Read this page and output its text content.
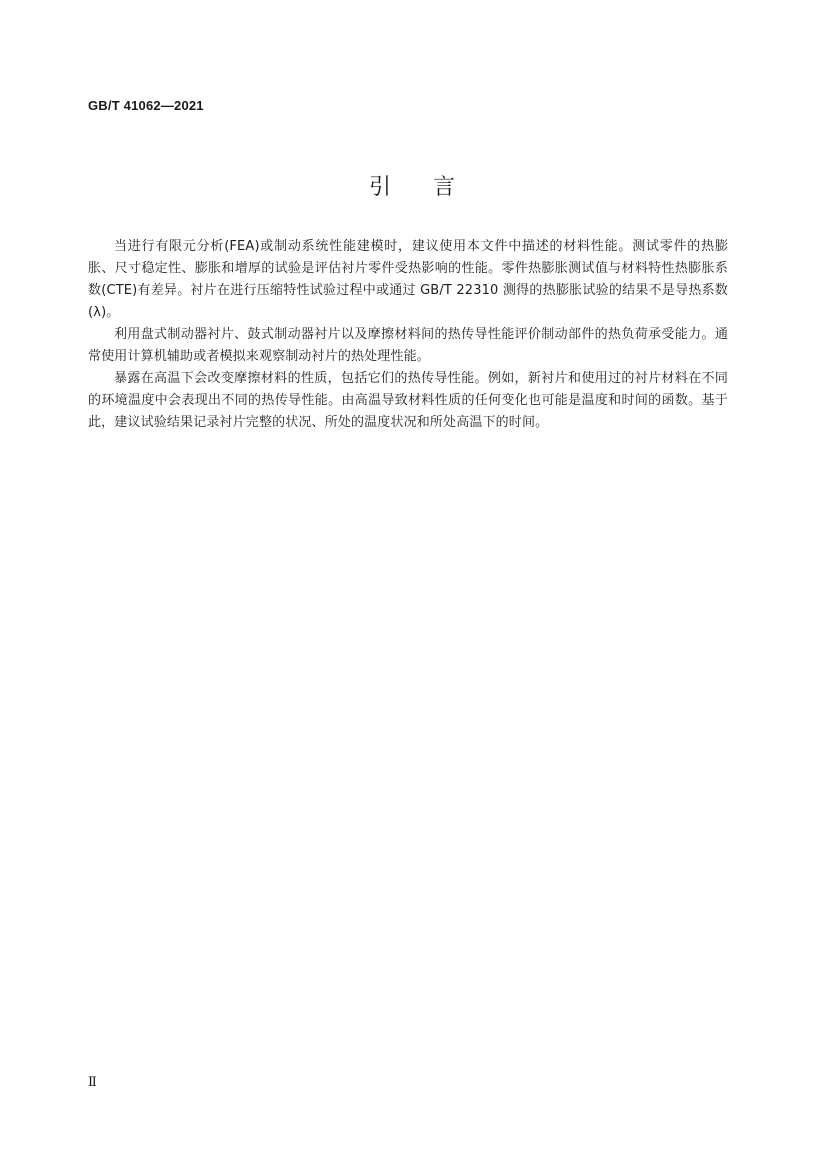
GB/T 41062—2021
引 言

当进行有限元分析(FEA)或制动系统性能建模时，建议使用本文件中描述的材料性能。测试零件的热膨胀、尺寸稳定性、膨胀和增厚的试验是评估衬片零件受热影响的性能。零件热膨胀测试值与材料特性热膨胀系数(CTE)有差异。衬片在进行压缩特性试验过程中或通过 GB/T 22310 测得的热膨胀试验的结果不是导热系数(λ)。

利用盘式制动器衬片、鼓式制动器衬片以及摩擦材料间的热传导性能评价制动部件的热负荷承受能力。通常使用计算机辅助或者模拟来观察制动衬片的热处理性能。

暴露在高温下会改变摩擦材料的性质，包括它们的热传导性能。例如，新衬片和使用过的衬片材料在不同的环境温度中会表现出不同的热传导性能。由高温导致材料性质的任何变化也可能是温度和时间的函数。基于此，建议试验结果记录衬片完整的状况、所处的温度状况和所处高温下的时间。

Ⅱ
